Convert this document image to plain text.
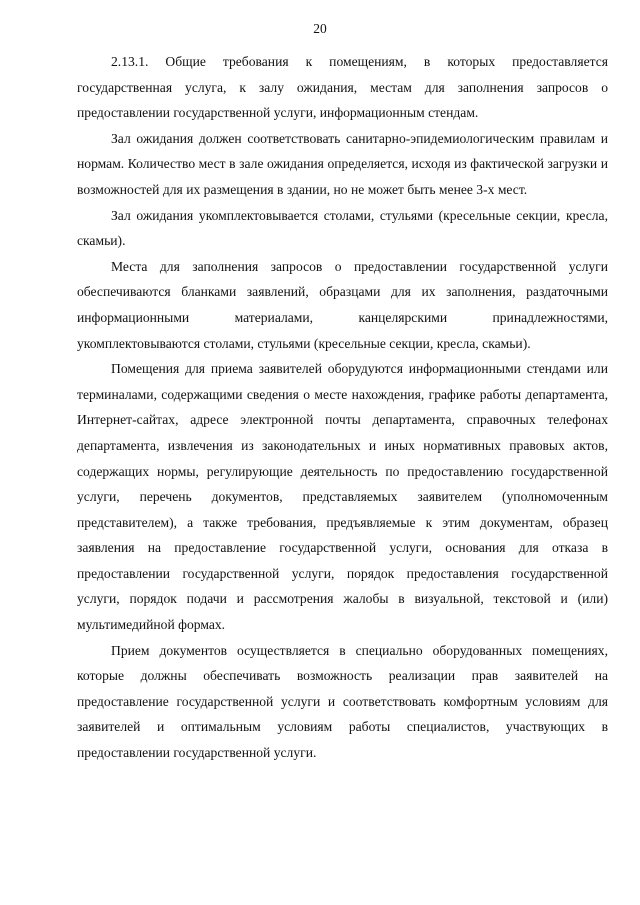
20

2.13.1. Общие требования к помещениям, в которых предоставляется государственная услуга, к залу ожидания, местам для заполнения запросов о предоставлении государственной услуги, информационным стендам.

Зал ожидания должен соответствовать санитарно-эпидемиологическим правилам и нормам. Количество мест в зале ожидания определяется, исходя из фактической загрузки и возможностей для их размещения в здании, но не может быть менее 3-х мест.

Зал ожидания укомплектовывается столами, стульями (кресельные секции, кресла, скамьи).

Места для заполнения запросов о предоставлении государственной услуги обеспечиваются бланками заявлений, образцами для их заполнения, раздаточными информационными материалами, канцелярскими принадлежностями, укомплектовываются столами, стульями (кресельные секции, кресла, скамьи).

Помещения для приема заявителей оборудуются информационными стендами или терминалами, содержащими сведения о месте нахождения, графике работы департамента, Интернет-сайтах, адресе электронной почты департамента, справочных телефонах департамента, извлечения из законодательных и иных нормативных правовых актов, содержащих нормы, регулирующие деятельность по предоставлению государственной услуги, перечень документов, представляемых заявителем (уполномоченным представителем), а также требования, предъявляемые к этим документам, образец заявления на предоставление государственной услуги, основания для отказа в предоставлении государственной услуги, порядок предоставления государственной услуги, порядок подачи и рассмотрения жалобы в визуальной, текстовой и (или) мультимедийной формах.

Прием документов осуществляется в специально оборудованных помещениях, которые должны обеспечивать возможность реализации прав заявителей на предоставление государственной услуги и соответствовать комфортным условиям для заявителей и оптимальным условиям работы специалистов, участвующих в предоставлении государственной услуги.
